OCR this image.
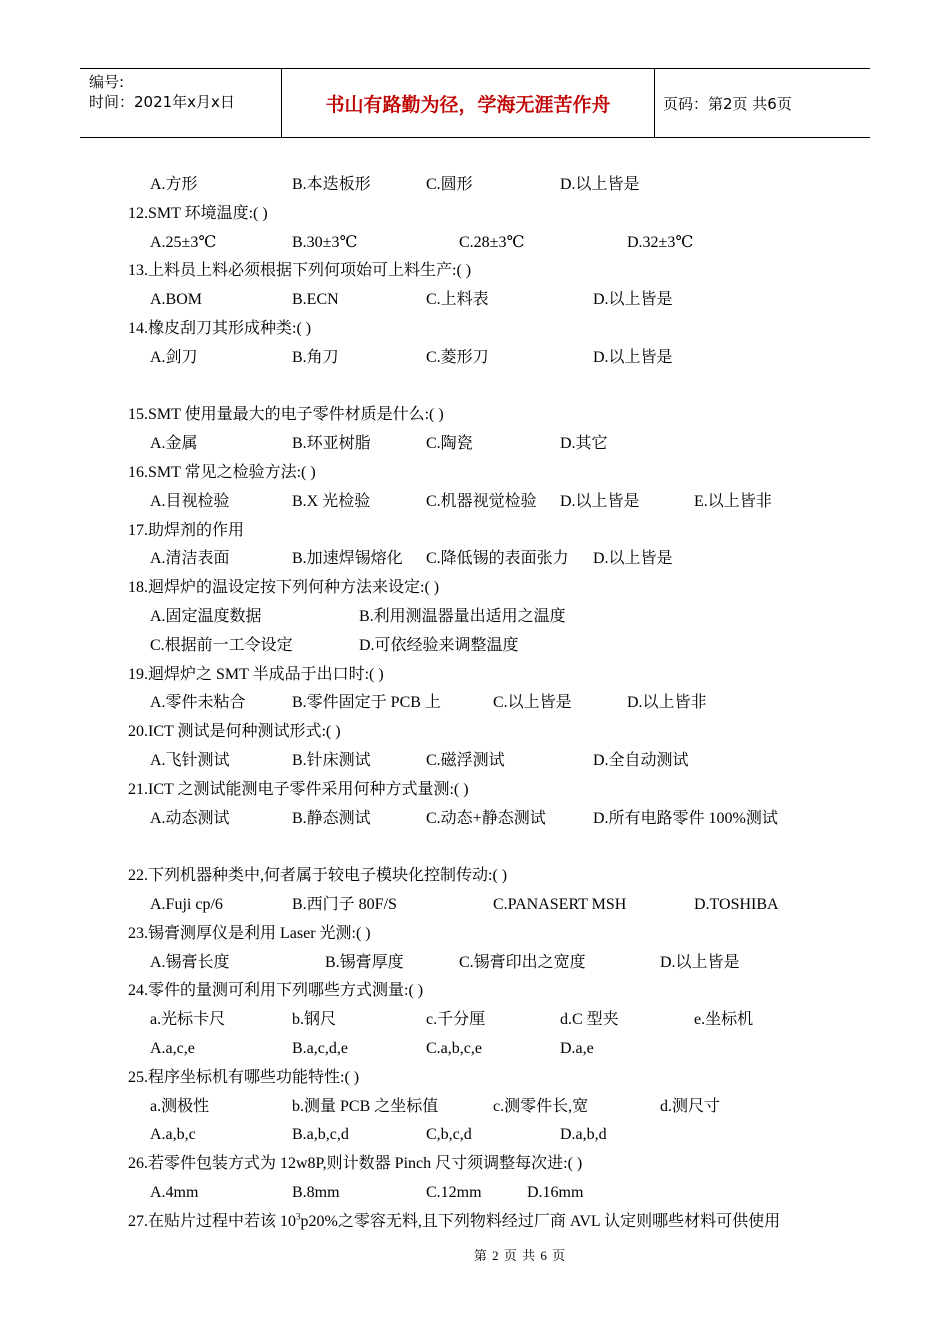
编号:
时间：2021年x月x日	书山有路勤为径，学海无涯苦作舟	页码：第2页 共6页
A.方形	B.本迭板形	C.圆形	D.以上皆是
12.SMT 环境温度:( )
A.25±3℃	B.30±3℃	C.28±3℃	D.32±3℃
13.上料员上料必须根据下列何项始可上料生产:( )
A.BOM	B.ECN	C.上料表	D.以上皆是
14.橡皮刮刀其形成种类:( )
A.剑刀	B.角刀	C.菱形刀	D.以上皆是
15.SMT 使用量最大的电子零件材质是什么:( )
A.金属	B.环亚树脂	C.陶瓷	D.其它
16.SMT 常见之检验方法:( )
A.目视检验	B.X 光检验	C.机器视觉检验 D.以上皆是	E.以上皆非
17.助焊剂的作用
A.清洁表面	B.加速焊锡熔化 C.降低锡的表面张力 D.以上皆是
18.迴焊炉的温设定按下列何种方法来设定:( )
A.固定温度数据	B.利用测温器量出适用之温度
C.根据前一工令设定	D.可依经验来调整温度
19.迴焊炉之 SMT 半成品于出口时:( )
A.零件未粘合	B.零件固定于 PCB 上	C.以上皆是	D.以上皆非
20.ICT 测试是何种测试形式:( )
A.飞针测试	B.针床测试	C.磁浮测试	D.全自动测试
21.ICT 之测试能测电子零件采用何种方式量测:( )
A.动态测试	B.静态测试	C.动态+静态测试	D.所有电路零件 100%测试
22.下列机器种类中,何者属于较电子模块化控制传动:( )
A.Fuji cp/6	B.西门子 80F/S	C.PANASERT MSH	D.TOSHIBA
23.锡膏测厚仪是利用 Laser 光测:( )
A.锡膏长度	B.锡膏厚度	C.锡膏印出之宽度	D.以上皆是
24.零件的量测可利用下列哪些方式测量:( )
a.光标卡尺	b.钢尺	c.千分厘	d.C 型夹	e.坐标机
A.a,c,e	B.a,c,d,e	C.a,b,c,e	D.a,e
25.程序坐标机有哪些功能特性:( )
a.测极性	b.测量 PCB 之坐标值	c.测零件长,宽	d.测尺寸
A.a,b,c	B.a,b,c,d	C,b,c,d	D.a,b,d
26.若零件包装方式为 12w8P,则计数器 Pinch 尺寸须调整每次进:( )
A.4mm	B.8mm	C.12mm	D.16mm
27.在贴片过程中若该 $10^3p20\%$之零容无料,且下列物料经过厂商 AVL 认定则哪些材料可供使用
第 2 页 共 6 页
